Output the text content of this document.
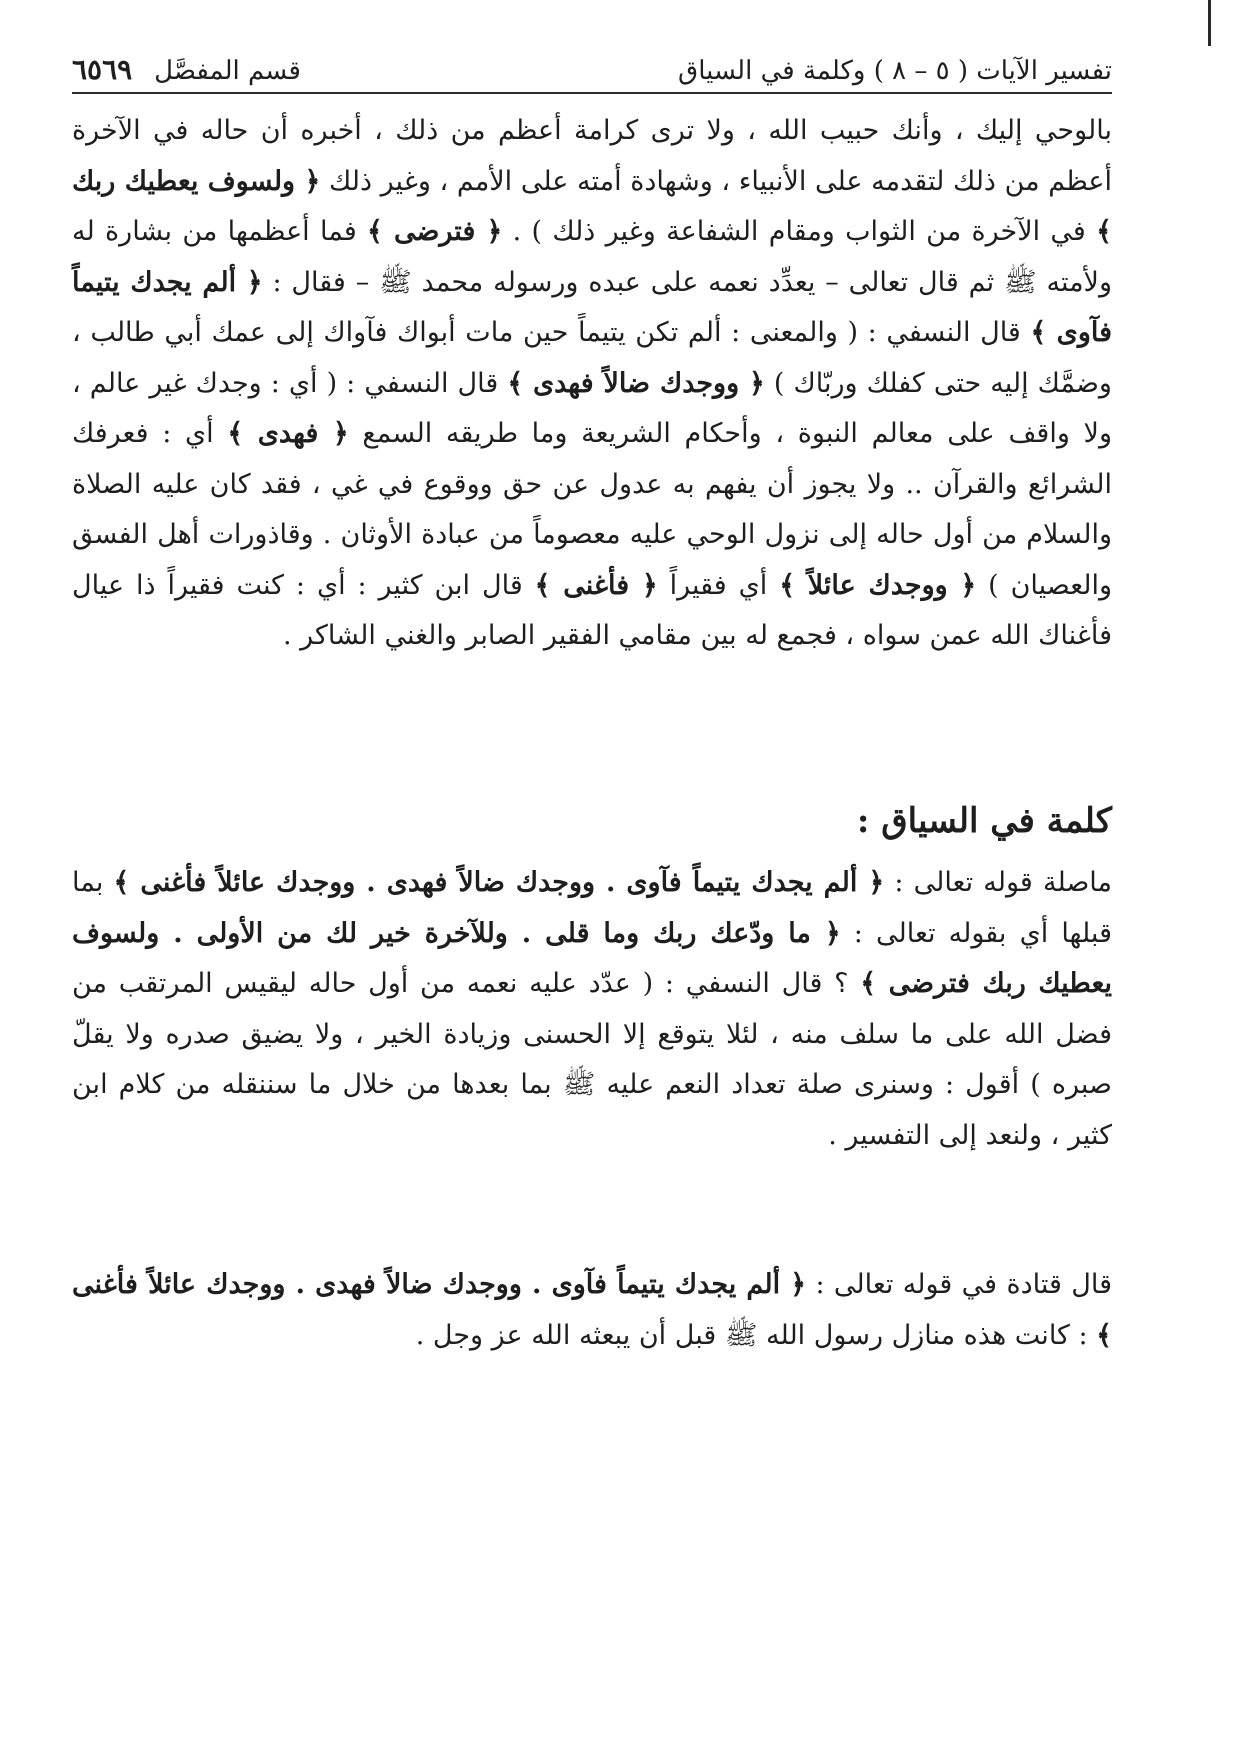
تفسير الآيات ( ٥ – ٨ ) وكلمة في السياق
قسم المفصَّل
٦٥٦٩
بالوحي إليك ، وأنك حبيب الله ، ولا ترى كرامة أعظم من ذلك ، أخبره أن حاله في الآخرة أعظم من ذلك لتقدمه على الأنبياء ، وشهادة أمته على الأمم ، وغير ذلك ﴿ ولسوف يعطيك ربك ﴾ في الآخرة من الثواب ومقام الشفاعة وغير ذلك ) . ﴿ فترضى ﴾ فما أعظمها من بشارة له ولأمته ﷺ ثم قال تعالى – يعدِّد نعمه على عبده ورسوله محمد ﷺ – فقال : ﴿ ألم يجدك يتيماً فآوى ﴾ قال النسفي : ( والمعنى : ألم تكن يتيماً حين مات أبواك فآواك إلى عمك أبي طالب ، وضمَّك إليه حتى كفلك وربّاك ) ﴿ ووجدك ضالاً فهدى ﴾ قال النسفي : ( أي : وجدك غير عالم ، ولا واقف على معالم النبوة ، وأحكام الشريعة وما طريقه السمع ﴿ فهدى ﴾ أي : فعرفك الشرائع والقرآن .. ولا يجوز أن يفهم به عدول عن حق ووقوع في غي ، فقد كان عليه الصلاة والسلام من أول حاله إلى نزول الوحي عليه معصوماً من عبادة الأوثان . وقاذورات أهل الفسق والعصيان ) ﴿ ووجدك عائلاً ﴾ أي فقيراً ﴿ فأغنى ﴾ قال ابن كثير : أي : كنت فقيراً ذا عيال فأغناك الله عمن سواه ، فجمع له بين مقامي الفقير الصابر والغني الشاكر .
كلمة في السياق :
ماصلة قوله تعالى : ﴿ ألم يجدك يتيماً فآوى . ووجدك ضالاً فهدى . ووجدك عائلاً فأغنى ﴾ بما قبلها أي بقوله تعالى : ﴿ ما ودّعك ربك وما قلى . وللآخرة خير لك من الأولى . ولسوف يعطيك ربك فترضى ﴾ ؟ قال النسفي : ( عدّد عليه نعمه من أول حاله ليقيس المرتقب من فضل الله على ما سلف منه ، لئلا يتوقع إلا الحسنى وزيادة الخير ، ولا يضيق صدره ولا يقلّ صبره ) أقول : وسنرى صلة تعداد النعم عليه ﷺ بما بعدها من خلال ما سننقله من كلام ابن كثير ، ولنعد إلى التفسير .
قال قتادة في قوله تعالى : ﴿ ألم يجدك يتيماً فآوى . ووجدك ضالاً فهدى . ووجدك عائلاً فأغنى ﴾ : كانت هذه منازل رسول الله ﷺ قبل أن يبعثه الله عز وجل .
